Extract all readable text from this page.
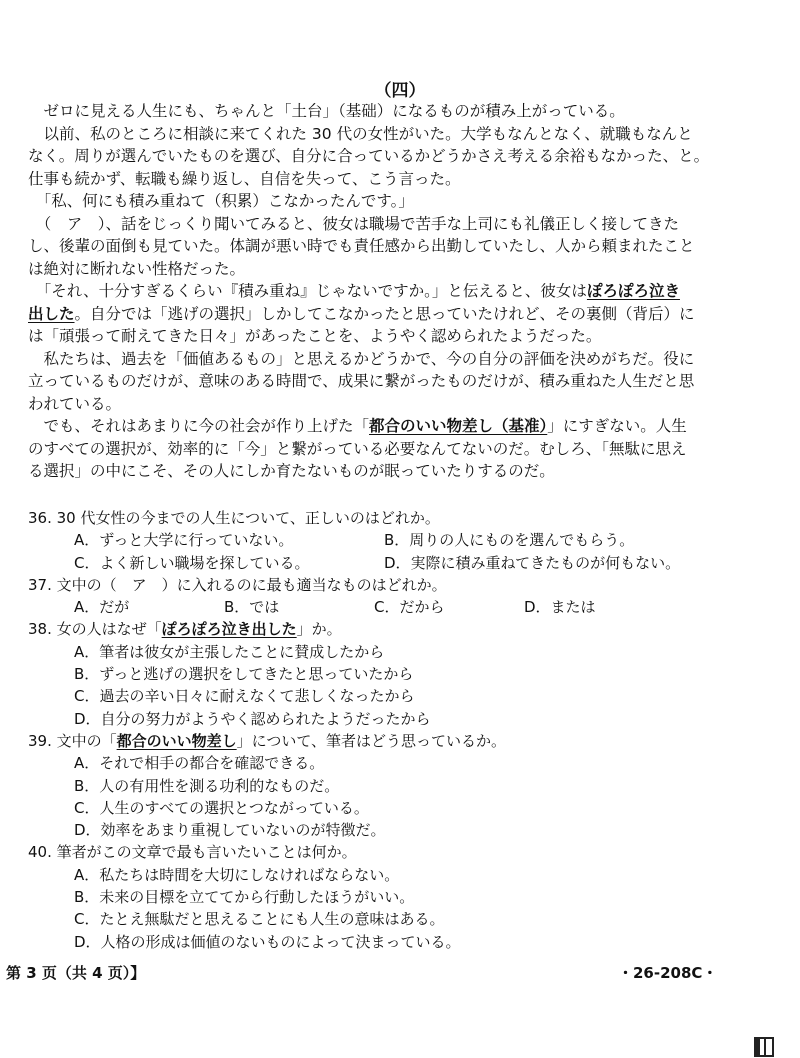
（四）
　ゼロに見える人生にも、ちゃんと「土台」（基础）になるものが積み上がっている。
　以前、私のところに相談に来てくれた 30 代の女性がいた。大学もなんとなく、就職もなんと
なく。周りが選んでいたものを選び、自分に合っているかどうかさえ考える余裕もなかった、と。
仕事も続かず、転職も繰り返し、自信を失って、こう言った。
　「私、何にも積み重ねて（积累）こなかったんです。」
　（　ア　）、話をじっくり聞いてみると、彼女は職場で苦手な上司にも礼儀正しく接してきた
し、後輩の面倒も見ていた。体調が悪い時でも責任感から出勤していたし、人から頼まれたこと
は絶対に断れない性格だった。
　「それ、十分すぎるくらい『積み重ね』じゃないですか。」と伝えると、彼女はぽろぽろ泣き
出した。自分では「逃げの選択」しかしてこなかったと思っていたけれど、その裏側（背后）に
は「頑張って耐えてきた日々」があったことを、ようやく認められたようだった。
　私たちは、過去を「価値あるもの」と思えるかどうかで、今の自分の評価を決めがちだ。役に
立っているものだけが、意味のある時間で、成果に繋がったものだけが、積み重ねた人生だと思
われている。
　でも、それはあまりに今の社会が作り上げた「都合のいい物差し（基准）」にすぎない。人生
のすべての選択が、効率的に「今」と繋がっている必要なんてないのだ。むしろ、「無駄に思え
る選択」の中にこそ、その人にしか育たないものが眠っていたりするのだ。
36. 30 代女性の今までの人生について、正しいのはどれか。
A．ずっと大学に行っていない。	B．周りの人にものを選んでもらう。
C．よく新しい職場を探している。	D．実際に積み重ねてきたものが何もない。
37. 文中の（　ア　）に入れるのに最も適当なものはどれか。
A．だが	B．では	C．だから	D．または
38. 女の人はなぜ「ぽろぽろ泣き出した」か。
A．筆者は彼女が主張したことに賛成したから
B．ずっと逃げの選択をしてきたと思っていたから
C．過去の辛い日々に耐えなくて悲しくなったから
D．自分の努力がようやく認められたようだったから
39. 文中の「都合のいい物差し」について、筆者はどう思っているか。
A．それで相手の都合を確認できる。
B．人の有用性を測る功利的なものだ。
C．人生のすべての選択とつながっている。
D．効率をあまり重視していないのが特徴だ。
40. 筆者がこの文章で最も言いたいことは何か。
A．私たちは時間を大切にしなければならない。
B．未来の目標を立ててから行動したほうがいい。
C．たとえ無駄だと思えることにも人生の意味はある。
D．人格の形成は価値のないものによって決まっている。
第 3 页（共 4 页）】	・26-208C・
